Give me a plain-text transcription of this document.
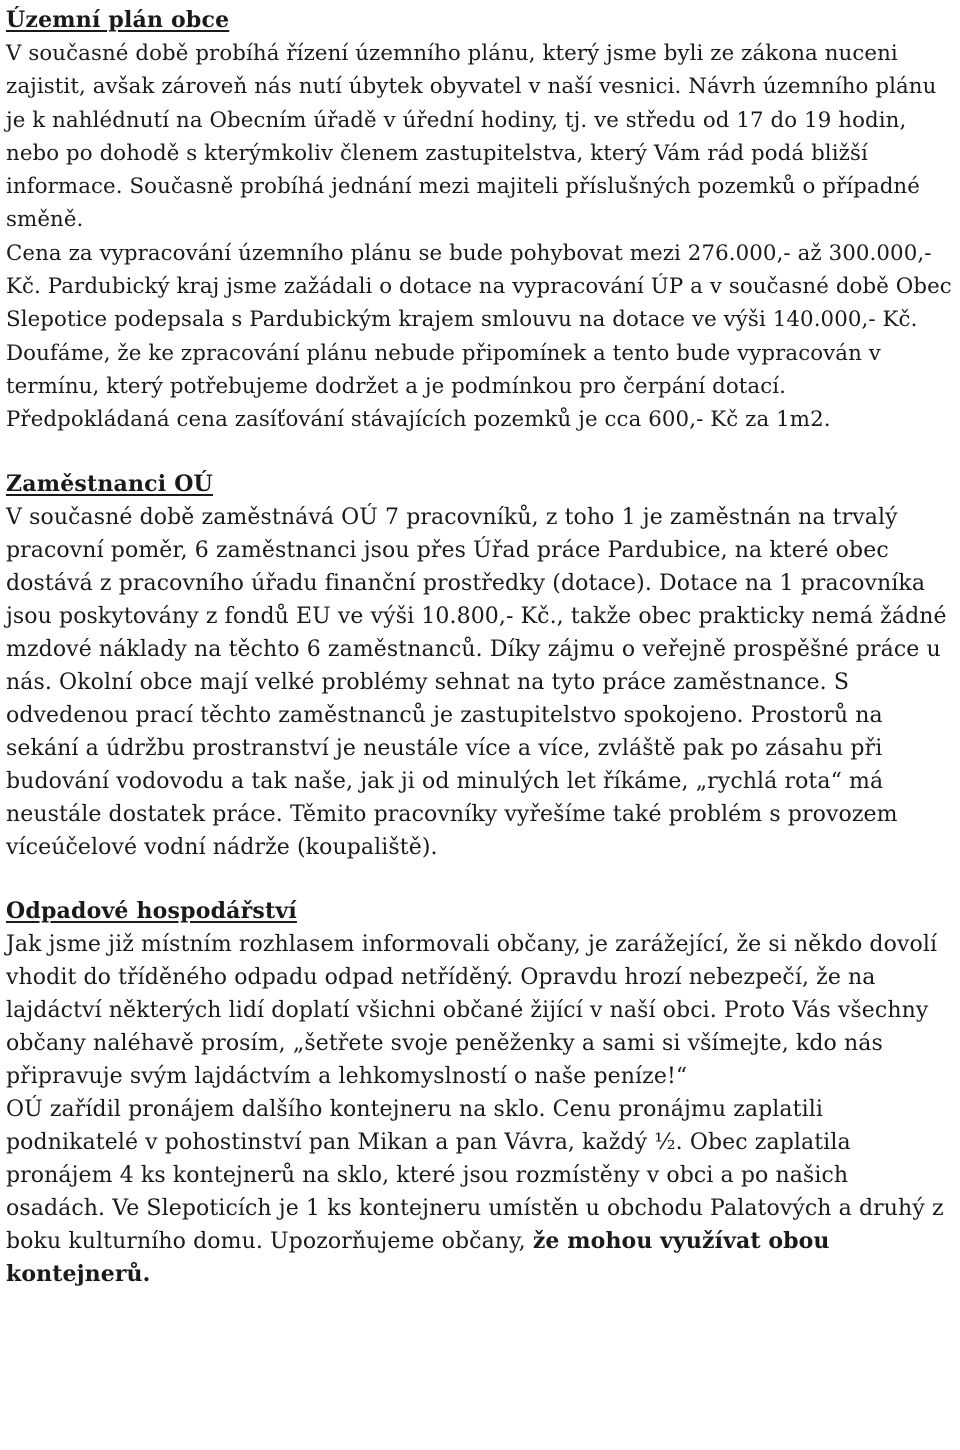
Územní plán obce

V současné době probíhá řízení územního plánu, který jsme byli ze zákona nuceni zajistit, avšak zároveň nás nutí úbytek obyvatel v naší vesnici. Návrh územního plánu je k nahlédnutí na Obecním úřadě v úřední hodiny, tj. ve středu od 17 do 19 hodin, nebo po dohodě s kterýmkoliv členem zastupitelstva, který Vám rád podá bližší informace. Současně probíhá jednání mezi majiteli příslušných pozemků o případné směně.

Cena za vypracování územního plánu se bude pohybovat mezi 276.000,- až 300.000,- Kč. Pardubický kraj jsme zažádali o dotace na vypracování ÚP a v současné době Obec Slepotice podepsala s Pardubickým krajem smlouvu na dotace ve výši 140.000,- Kč. Doufáme, že ke zpracování plánu nebude připomínek a tento bude vypracován v termínu, který potřebujeme dodržet a je podmínkou pro čerpání dotací. Předpokládaná cena zasíťování stávajících pozemků je cca 600,- Kč za 1m2.

Zaměstnanci OÚ

V současné době zaměstnává OÚ 7 pracovníků, z toho 1 je zaměstnán na trvalý pracovní poměr, 6 zaměstnanci jsou přes Úřad práce Pardubice, na které obec dostává z pracovního úřadu finanční prostředky (dotace). Dotace na 1 pracovníka jsou poskytovány z fondů EU ve výši 10.800,- Kč., takže obec prakticky nemá žádné mzdové náklady na těchto 6 zaměstnanců. Díky zájmu o veřejně prospěšné práce u nás. Okolní obce mají velké problémy sehnat na tyto práce zaměstnance. S odvedenou prací těchto zaměstnanců je zastupitelstvo spokojeno. Prostorů na sekání a údržbu prostranství je neustále více a více, zvláště pak po zásahu při budování vodovodu a tak naše, jak ji od minulých let říkáme, „rychlá rota“ má neustále dostatek práce. Těmito pracovníky vyřešíme také problém s provozem víceúčelové vodní nádrže (koupaliště).

Odpadové hospodářství

Jak jsme již místním rozhlasem informovali občany, je zarážející, že si někdo dovolí vhodit do tříděného odpadu odpad netříděný. Opravdu hrozí nebezpečí, že na lajdáctví některých lidí doplatí všichni občané žijící v naší obci. Proto Vás všechny občany naléhavě prosím, „šetřete svoje peněženky a sami si všímejte, kdo nás připravuje svým lajdáctvím a lehkomyslností o naše peníze!“

OÚ zařídil pronájem dalšího kontejneru na sklo. Cenu pronájmu zaplatili podnikatelé v pohostinství pan Mikan a pan Vávra, každý ½. Obec zaplatila pronájem 4 ks kontejnerů na sklo, které jsou rozmístěny v obci a po našich osadách. Ve Slepoticích je 1 ks kontejneru umístěn u obchodu Palatových a druhý z boku kulturního domu. Upozorňujeme občany, že mohou využívat obou kontejnerů.
